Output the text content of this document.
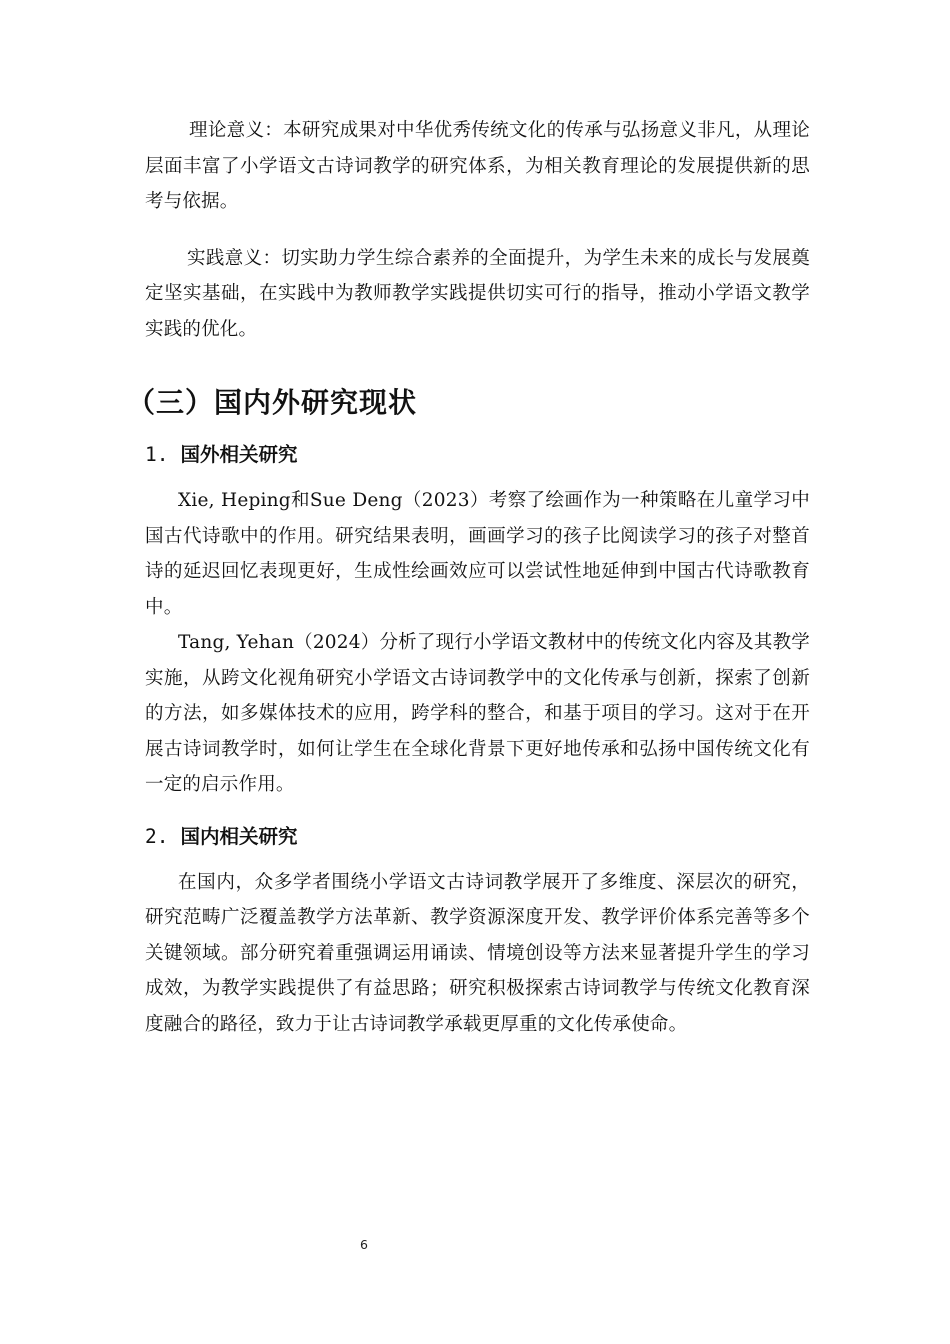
理论意义：本研究成果对中华优秀传统文化的传承与弘扬意义非凡，从理论层面丰富了小学语文古诗词教学的研究体系，为相关教育理论的发展提供新的思考与依据。

实践意义：切实助力学生综合素养的全面提升，为学生未来的成长与发展奠定坚实基础，在实践中为教师教学实践提供切实可行的指导，推动小学语文教学实践的优化。

（三）国内外研究现状
1. 国外相关研究

Xie, Heping和Sue Deng（2023）考察了绘画作为一种策略在儿童学习中国古代诗歌中的作用。研究结果表明，画画学习的孩子比阅读学习的孩子对整首诗的延迟回忆表现更好，生成性绘画效应可以尝试性地延伸到中国古代诗歌教育中。

Tang, Yehan（2024）分析了现行小学语文教材中的传统文化内容及其教学实施，从跨文化视角研究小学语文古诗词教学中的文化传承与创新，探索了创新的方法，如多媒体技术的应用，跨学科的整合，和基于项目的学习。这对于在开展古诗词教学时，如何让学生在全球化背景下更好地传承和弘扬中国传统文化有一定的启示作用。

2. 国内相关研究

在国内，众多学者围绕小学语文古诗词教学展开了多维度、深层次的研究，研究范畴广泛覆盖教学方法革新、教学资源深度开发、教学评价体系完善等多个关键领域。部分研究着重强调运用诵读、情境创设等方法来显著提升学生的学习成效，为教学实践提供了有益思路；研究积极探索古诗词教学与传统文化教育深度融合的路径，致力于让古诗词教学承载更厚重的文化传承使命。

6
